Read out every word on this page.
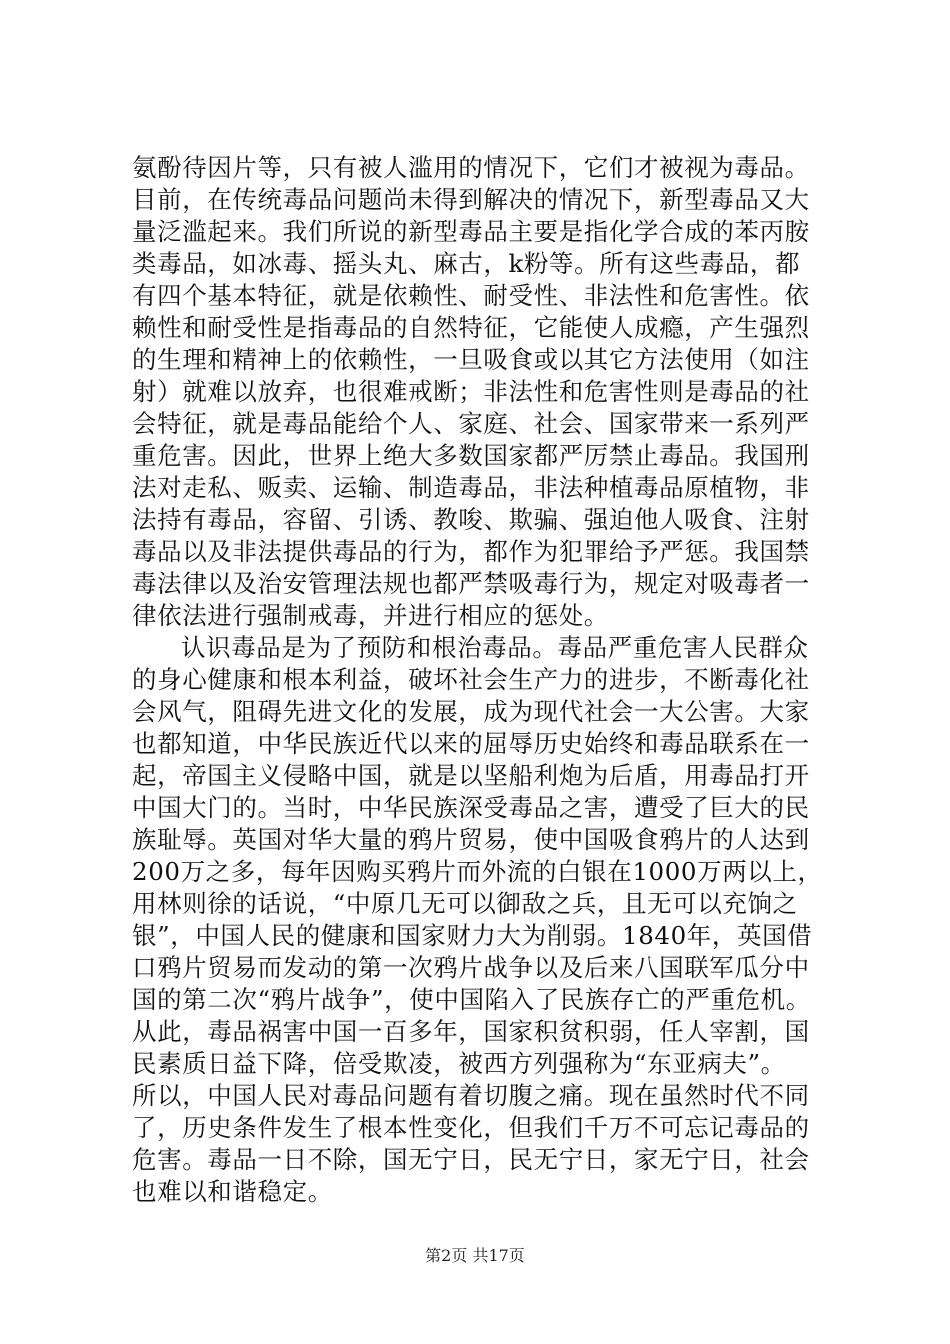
氨酚待因片等，只有被人滥用的情况下，它们才被视为毒品。
目前，在传统毒品问题尚未得到解决的情况下，新型毒品又大
量泛滥起来。我们所说的新型毒品主要是指化学合成的苯丙胺
类毒品，如冰毒、摇头丸、麻古，k粉等。所有这些毒品，都
有四个基本特征，就是依赖性、耐受性、非法性和危害性。依
赖性和耐受性是指毒品的自然特征，它能使人成瘾，产生强烈
的生理和精神上的依赖性，一旦吸食或以其它方法使用（如注
射）就难以放弃，也很难戒断；非法性和危害性则是毒品的社
会特征，就是毒品能给个人、家庭、社会、国家带来一系列严
重危害。因此，世界上绝大多数国家都严厉禁止毒品。我国刑
法对走私、贩卖、运输、制造毒品，非法种植毒品原植物，非
法持有毒品，容留、引诱、教唆、欺骗、强迫他人吸食、注射
毒品以及非法提供毒品的行为，都作为犯罪给予严惩。我国禁
毒法律以及治安管理法规也都严禁吸毒行为，规定对吸毒者一
律依法进行强制戒毒，并进行相应的惩处。
认识毒品是为了预防和根治毒品。毒品严重危害人民群众
的身心健康和根本利益，破坏社会生产力的进步，不断毒化社
会风气，阻碍先进文化的发展，成为现代社会一大公害。大家
也都知道，中华民族近代以来的屈辱历史始终和毒品联系在一
起，帝国主义侵略中国，就是以坚船利炮为后盾，用毒品打开
中国大门的。当时，中华民族深受毒品之害，遭受了巨大的民
族耻辱。英国对华大量的鸦片贸易，使中国吸食鸦片的人达到
200万之多，每年因购买鸦片而外流的白银在1000万两以上，
用林则徐的话说，“中原几无可以御敌之兵，且无可以充饷之
银”，中国人民的健康和国家财力大为削弱。1840年，英国借
口鸦片贸易而发动的第一次鸦片战争以及后来八国联军瓜分中
国的第二次“鸦片战争”，使中国陷入了民族存亡的严重危机。
从此，毒品祸害中国一百多年，国家积贫积弱，任人宰割，国
民素质日益下降，倍受欺凌，被西方列强称为“东亚病夫”。
所以，中国人民对毒品问题有着切腹之痛。现在虽然时代不同
了，历史条件发生了根本性变化，但我们千万不可忘记毒品的
危害。毒品一日不除，国无宁日，民无宁日，家无宁日，社会
也难以和谐稳定。
第2页 共17页
